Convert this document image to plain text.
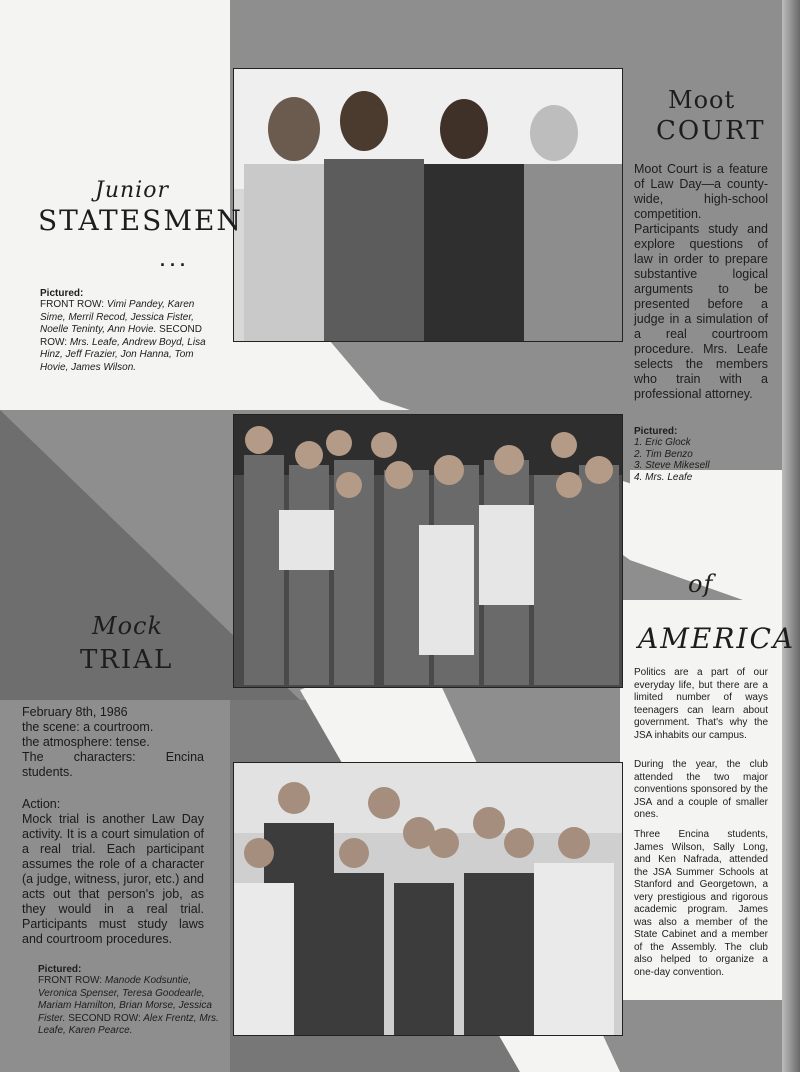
Junior
STATESMEN
. . .
Pictured:
FRONT ROW: Vimi Pandey, Karen Sime, Merril Recod, Jessica Fister, Noelle Teninty, Ann Hovie. SECOND ROW: Mrs. Leafe, Andrew Boyd, Lisa Hinz, Jeff Frazier, Jon Hanna, Tom Hovie, James Wilson.
Moot
COURT
Moot Court is a feature of Law Day—a county-wide, high-school competition. Participants study and explore questions of law in order to prepare substantive logical arguments to be presented before a judge in a simulation of a real courtroom procedure. Mrs. Leafe selects the members who train with a professional attorney.
Pictured:
1. Eric Glock
2. Tim Benzo
3. Steve Mikesell
4. Mrs. Leafe
of
AMERICA
Politics are a part of our everyday life, but there are a limited number of ways teenagers can learn about government. That's why the JSA inhabits our campus.
During the year, the club attended the two major conventions sponsored by the JSA and a couple of smaller ones.
Three Encina students, James Wilson, Sally Long, and Ken Nafrada, attended the JSA Summer Schools at Stanford and Georgetown, a very prestigious and rigorous academic program. James was also a member of the State Cabinet and a member of the Assembly. The club also helped to organize a one-day convention.
Mock
TRIAL
February 8th, 1986
the scene: a courtroom.
the atmosphere: tense.
The characters: Encina students.
Action:
Mock trial is another Law Day activity. It is a court simulation of a real trial. Each participant assumes the role of a character (a judge, witness, juror, etc.) and acts out that person's job, as they would in a real trial. Participants must study laws and courtroom procedures.
Pictured:
FRONT ROW: Manode Kodsuntie, Veronica Spenser, Teresa Goodearle, Mariam Hamilton, Brian Morse, Jessica Fister. SECOND ROW: Alex Frentz, Mrs. Leafe, Karen Pearce.
